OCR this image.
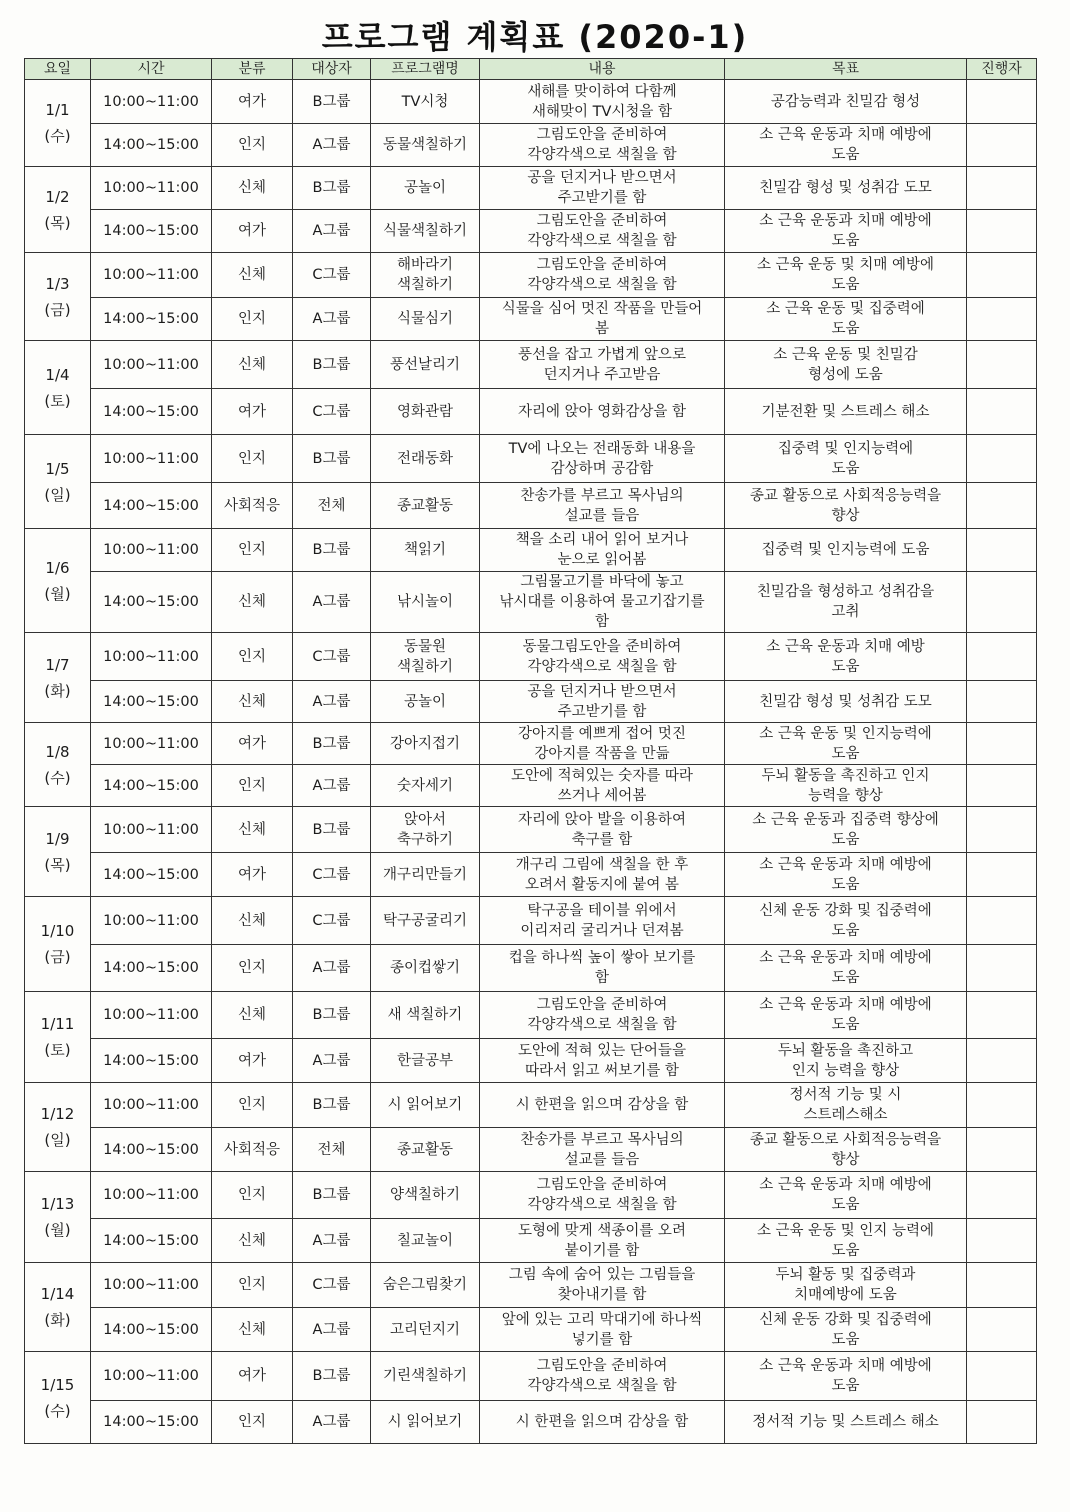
프로그램 계획표 (2020-1)
요일	시간	분류	대상자	프로그램명	내용	목표	진행자

1/1
(수)	10:00~11:00	여가	B그룹	TV시청	새해를 맞이하여 다함께
새해맞이 TV시청을 함	공감능력과 친밀감 형성	

	14:00~15:00	인지	A그룹	동물색칠하기	그림도안을 준비하여
각양각색으로 색칠을 함	소 근육 운동과 치매 예방에
도움	

1/2
(목)	10:00~11:00	신체	B그룹	공놀이	공을 던지거나 받으면서
주고받기를 함	친밀감 형성 및 성취감 도모	

	14:00~15:00	여가	A그룹	식물색칠하기	그림도안을 준비하여
각양각색으로 색칠을 함	소 근육 운동과 치매 예방에
도움	

1/3
(금)	10:00~11:00	신체	C그룹	해바라기
색칠하기	그림도안을 준비하여
각양각색으로 색칠을 함	소 근육 운동 및 치매 예방에
도움	

	14:00~15:00	인지	A그룹	식물심기	식물을 심어 멋진 작품을 만들어
봄	소 근육 운동 및 집중력에
도움	

1/4
(토)	10:00~11:00	신체	B그룹	풍선날리기	풍선을 잡고 가볍게 앞으로
던지거나 주고받음	소 근육 운동 및 친밀감
형성에 도움	

	14:00~15:00	여가	C그룹	영화관람	자리에 앉아 영화감상을 함	기분전환 및 스트레스 해소	

1/5
(일)	10:00~11:00	인지	B그룹	전래동화	TV에 나오는 전래동화 내용을
감상하며 공감함	집중력 및 인지능력에
도움	

	14:00~15:00	사회적응	전체	종교활동	찬송가를 부르고 목사님의
설교를 들음	종교 활동으로 사회적응능력을
향상	

1/6
(월)	10:00~11:00	인지	B그룹	책읽기	책을 소리 내어 읽어 보거나
눈으로 읽어봄	집중력 및 인지능력에 도움	

	14:00~15:00	신체	A그룹	낚시놀이	그림물고기를 바닥에 놓고
낚시대를 이용하여 물고기잡기를
함	친밀감을 형성하고 성취감을
고취	

1/7
(화)	10:00~11:00	인지	C그룹	동물원
색칠하기	동물그림도안을 준비하여
각양각색으로 색칠을 함	소 근육 운동과 치매 예방
도움	

	14:00~15:00	신체	A그룹	공놀이	공을 던지거나 받으면서
주고받기를 함	친밀감 형성 및 성취감 도모	

1/8
(수)	10:00~11:00	여가	B그룹	강아지접기	강아지를 예쁘게 접어 멋진
강아지를 작품을 만듦	소 근육 운동 및 인지능력에
도움	

	14:00~15:00	인지	A그룹	숫자세기	도안에 적혀있는 숫자를 따라
쓰거나 세어봄	두뇌 활동을 촉진하고 인지
능력을 향상	

1/9
(목)	10:00~11:00	신체	B그룹	앉아서
축구하기	자리에 앉아 발을 이용하여
축구를 함	소 근육 운동과 집중력 향상에
도움	

	14:00~15:00	여가	C그룹	개구리만들기	개구리 그림에 색칠을 한 후
오려서 활동지에 붙여 봄	소 근육 운동과 치매 예방에
도움	

1/10
(금)	10:00~11:00	신체	C그룹	탁구공굴리기	탁구공을 테이블 위에서
이리저리 굴리거나 던져봄	신체 운동 강화 및 집중력에
도움	

	14:00~15:00	인지	A그룹	종이컵쌓기	컵을 하나씩 높이 쌓아 보기를
함	소 근육 운동과 치매 예방에
도움	

1/11
(토)	10:00~11:00	신체	B그룹	새 색칠하기	그림도안을 준비하여
각양각색으로 색칠을 함	소 근육 운동과 치매 예방에
도움	

	14:00~15:00	여가	A그룹	한글공부	도안에 적혀 있는 단어들을
따라서 읽고 써보기를 함	두뇌 활동을 촉진하고
인지 능력을 향상	

1/12
(일)	10:00~11:00	인지	B그룹	시 읽어보기	시 한편을 읽으며 감상을 함	정서적 기능 및 시
스트레스해소	

	14:00~15:00	사회적응	전체	종교활동	찬송가를 부르고 목사님의
설교를 들음	종교 활동으로 사회적응능력을
향상	

1/13
(월)	10:00~11:00	인지	B그룹	양색칠하기	그림도안을 준비하여
각양각색으로 색칠을 함	소 근육 운동과 치매 예방에
도움	

	14:00~15:00	신체	A그룹	칠교놀이	도형에 맞게 색종이를 오려
붙이기를 함	소 근육 운동 및 인지 능력에
도움	

1/14
(화)	10:00~11:00	인지	C그룹	숨은그림찾기	그림 속에 숨어 있는 그림들을
찾아내기를 함	두뇌 활동 및 집중력과
치매예방에 도움	

	14:00~15:00	신체	A그룹	고리던지기	앞에 있는 고리 막대기에 하나씩
넣기를 함	신체 운동 강화 및 집중력에
도움	

1/15
(수)	10:00~11:00	여가	B그룹	기린색칠하기	그림도안을 준비하여
각양각색으로 색칠을 함	소 근육 운동과 치매 예방에
도움	

	14:00~15:00	인지	A그룹	시 읽어보기	시 한편을 읽으며 감상을 함	정서적 기능 및 스트레스 해소	
